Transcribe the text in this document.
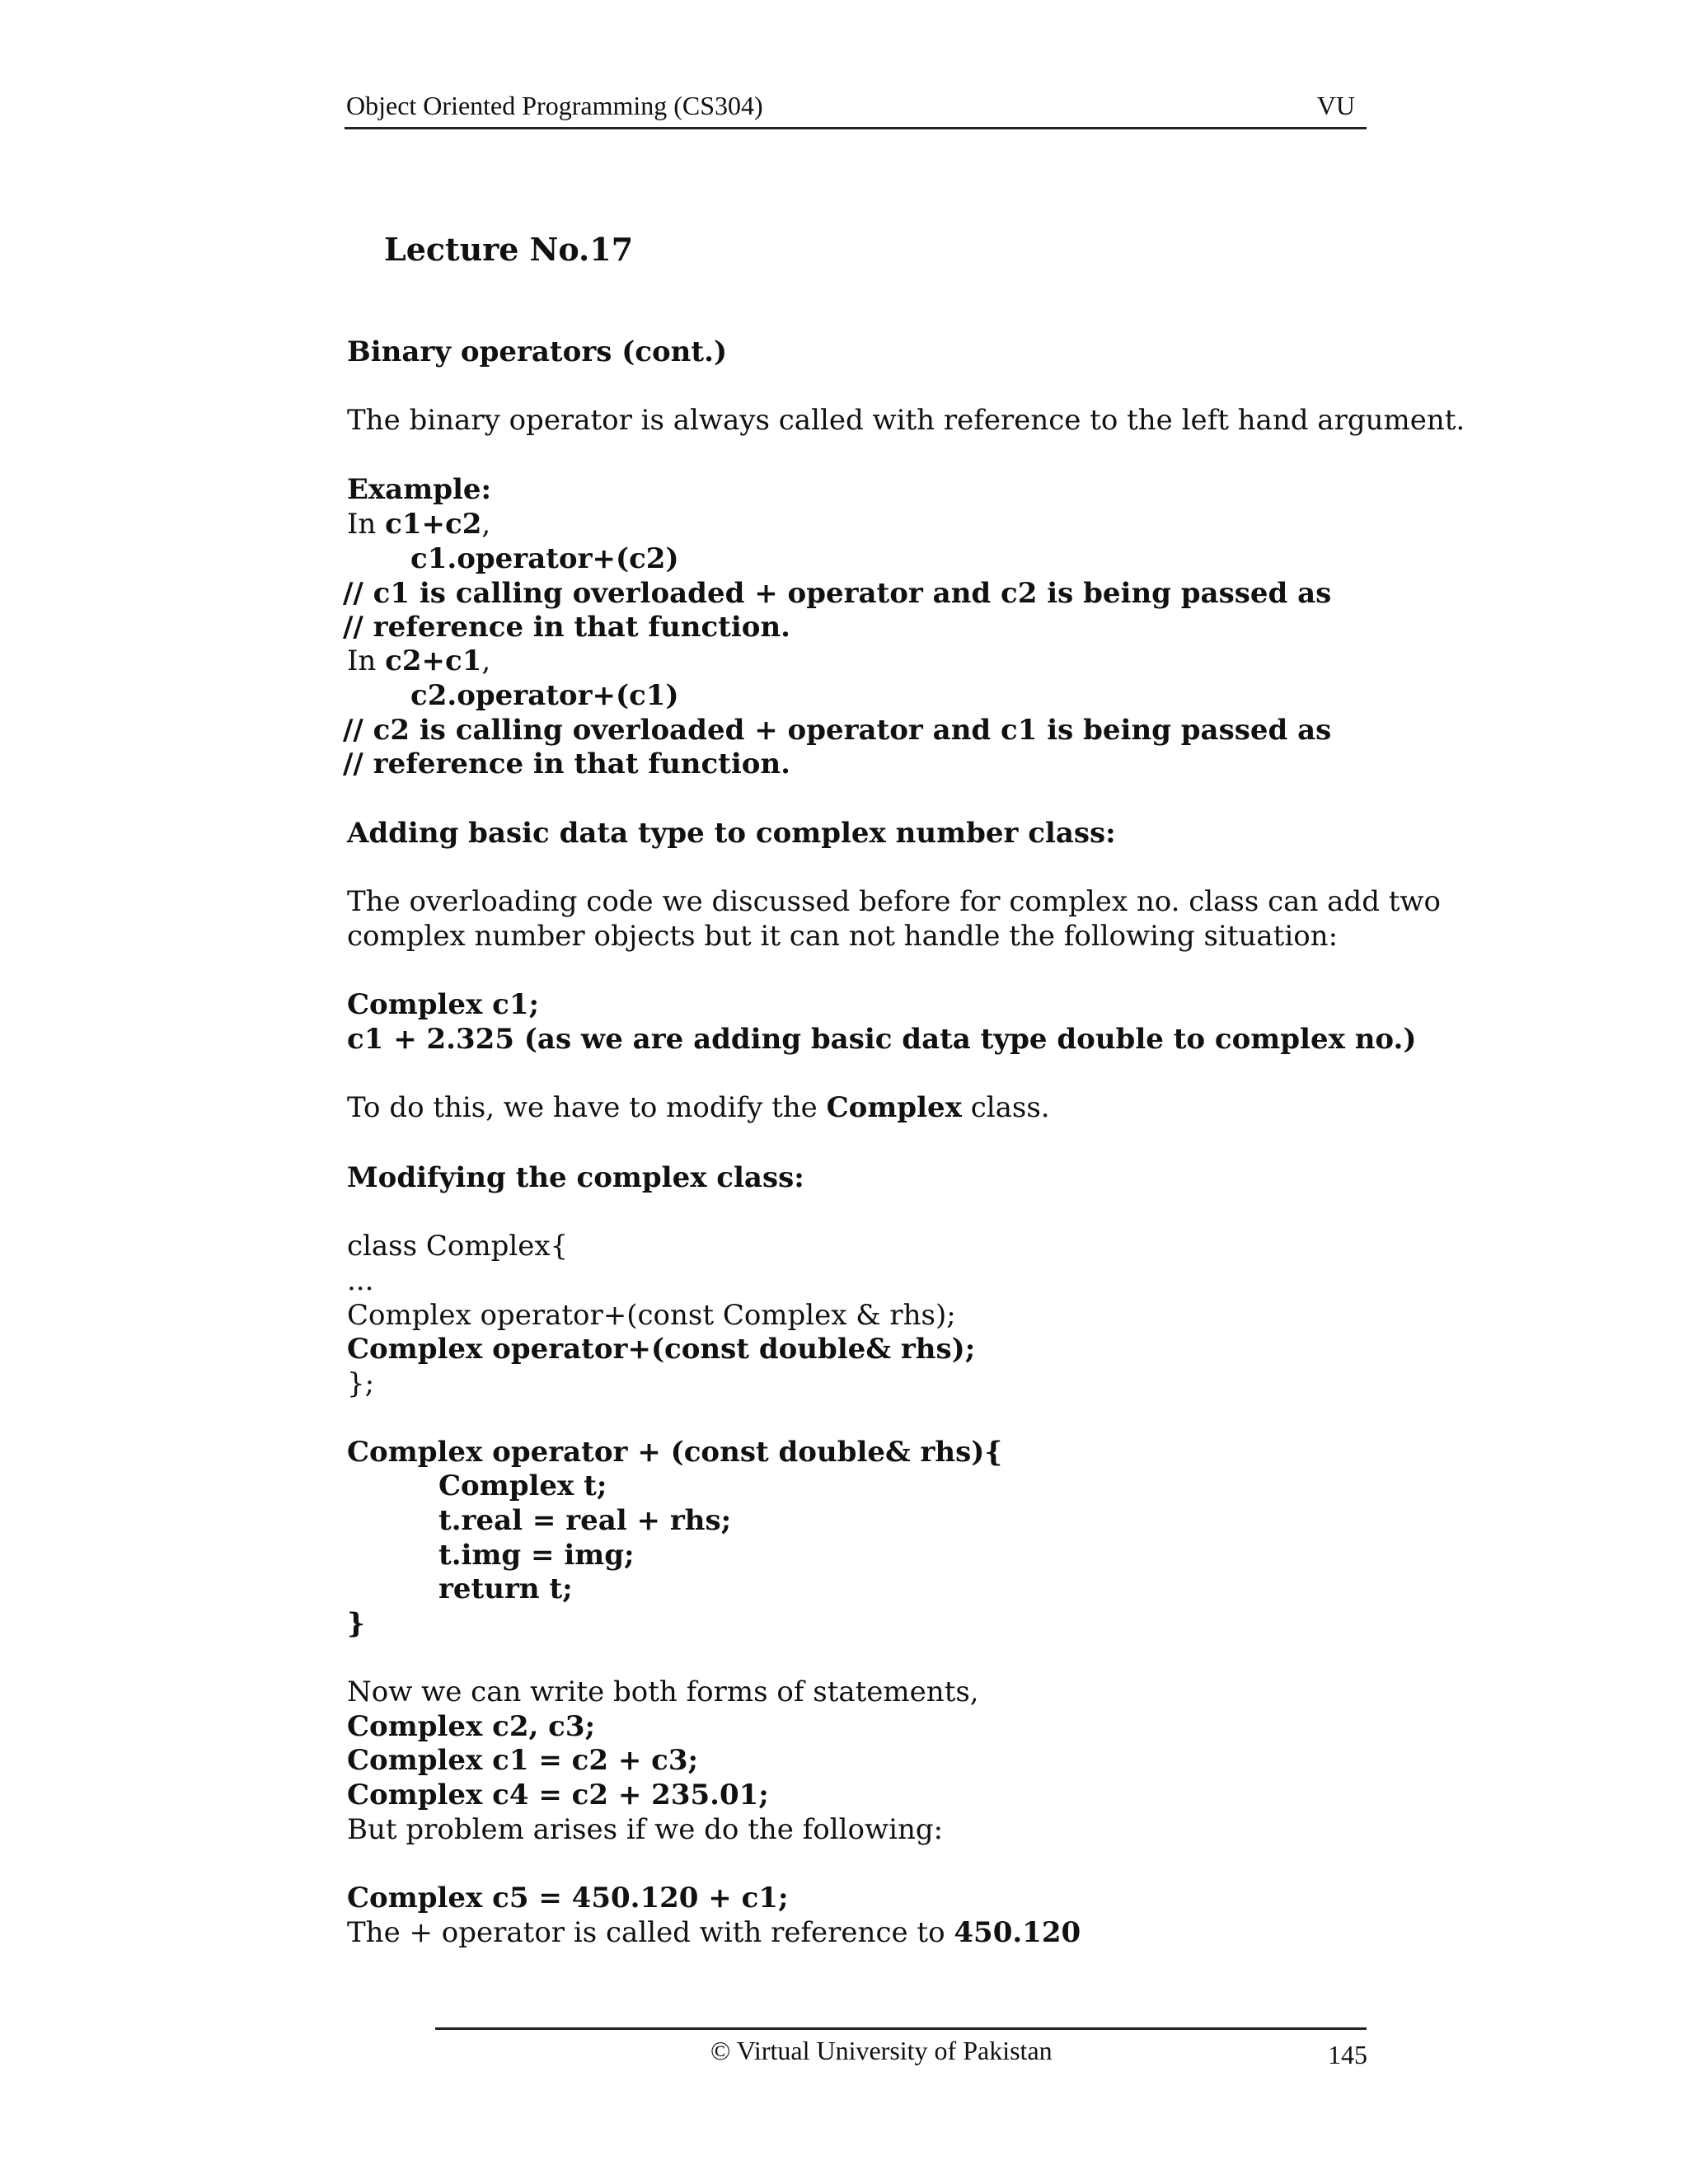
Object Oriented Programming (CS304)	VU
Lecture No.17
Binary operators (cont.)
The binary operator is always called with reference to the left hand argument.
Example:
In c1+c2,
c1.operator+(c2)
// c1 is calling overloaded + operator and c2 is being passed as
// reference in that function.
In c2+c1,
c2.operator+(c1)
// c2 is calling overloaded + operator and c1 is being passed as
// reference in that function.
Adding basic data type to complex number class:
The overloading code we discussed before for complex no. class can add two
complex number objects but it can not handle the following situation:
Complex c1;
c1 + 2.325 (as we are adding basic data type double to complex no.)
To do this, we have to modify the Complex class.
Modifying the complex class:
class Complex{
...
Complex operator+(const Complex & rhs);
Complex operator+(const double& rhs);
};
Complex operator + (const double& rhs){
Complex t;
t.real = real + rhs;
t.img = img;
return t;
}
Now we can write both forms of statements,
Complex c2, c3;
Complex c1 = c2 + c3;
Complex c4 = c2 + 235.01;
But problem arises if we do the following:
Complex c5 = 450.120 + c1;
The + operator is called with reference to 450.120
© Virtual University of Pakistan	145
